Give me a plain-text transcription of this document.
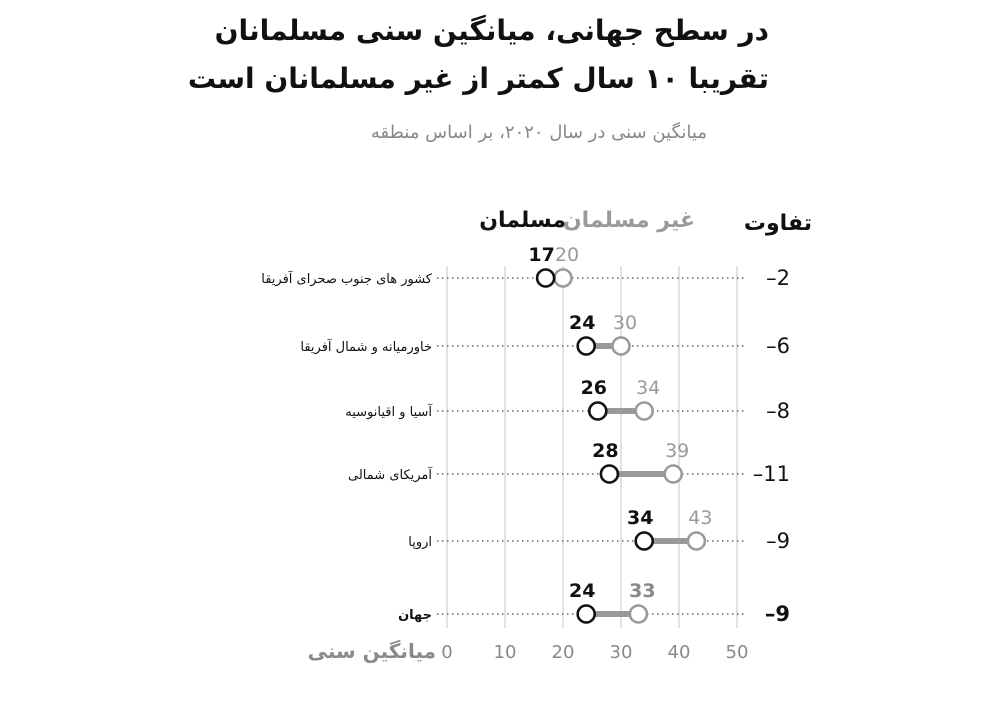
در سطح جهانی، میانگین سنی مسلمانان
تقریبا ۱۰ سال کمتر از غیر مسلمانان است
میانگین سنی در سال ۲۰۲۰، بر اساس منطقه
کشور های جنوب صحرای آفریقا
17 20
–2
خاورمیانه و شمال آفریقا
24 30
–6
آسیا و اقیانوسیه
26 34
–8
آمریکای شمالی
28 39
–11
اروپا
34 43
–9
جهان
24 33
–9
0 10 20 30 40 50
غیر مسلمان
مسلمان	تفاوت
میانگین سنی
